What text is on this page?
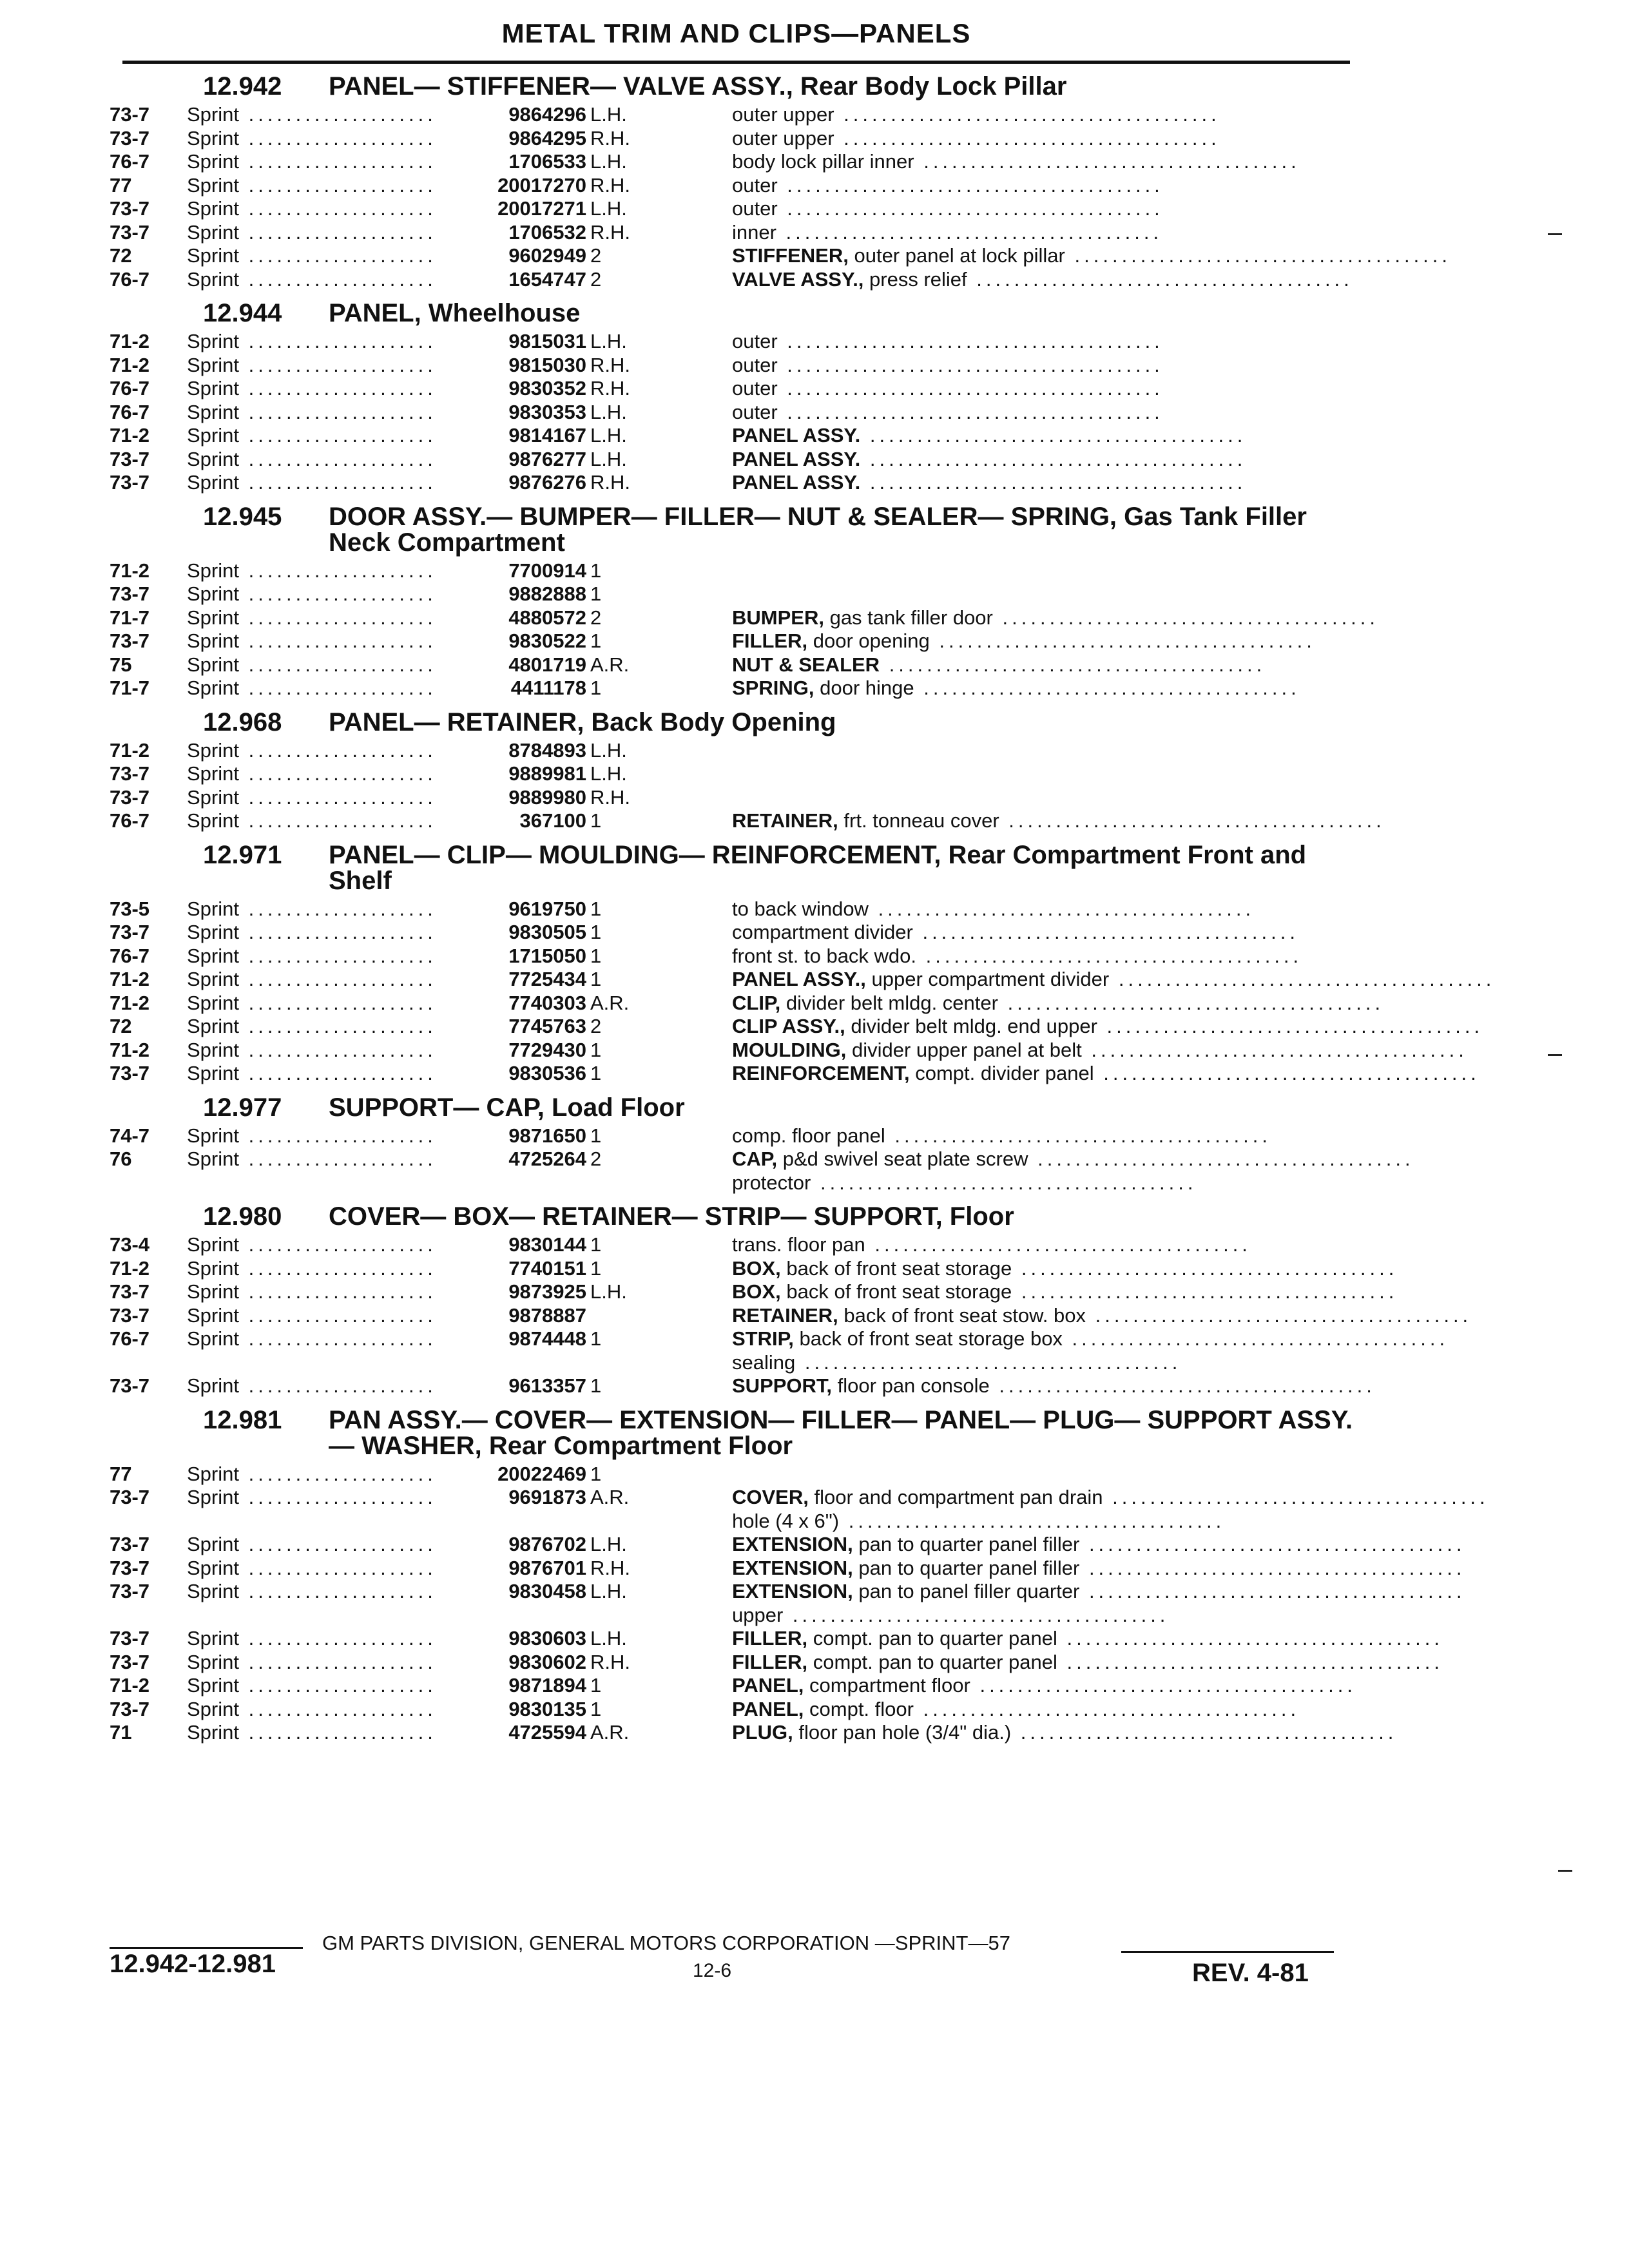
METAL TRIM AND CLIPS—PANELS
12.942	PANEL— STIFFENER— VALVE ASSY., Rear Body Lock Pillar
73-7	Sprint ....................	9864296 L.H.	outer upper ........................................
73-7	Sprint ....................	9864295 R.H.	outer upper ........................................
76-7	Sprint ....................	1706533 L.H.	body lock pillar inner ........................................
77	Sprint ....................	20017270 R.H.	outer ........................................
73-7	Sprint ....................	20017271 L.H.	outer ........................................
73-7	Sprint ....................	1706532 R.H.	inner ........................................
72	Sprint ....................	9602949 2	STIFFENER, outer panel at lock pillar ........................................
76-7	Sprint ....................	1654747 2	VALVE ASSY., press relief ........................................
12.944	PANEL, Wheelhouse
71-2	Sprint ....................	9815031 L.H.	outer ........................................
71-2	Sprint ....................	9815030 R.H.	outer ........................................
76-7	Sprint ....................	9830352 R.H.	outer ........................................
76-7	Sprint ....................	9830353 L.H.	outer ........................................
71-2	Sprint ....................	9814167 L.H.	PANEL ASSY. ........................................
73-7	Sprint ....................	9876277 L.H.	PANEL ASSY. ........................................
73-7	Sprint ....................	9876276 R.H.	PANEL ASSY. ........................................
12.945	DOOR ASSY.— BUMPER— FILLER— NUT & SEALER— SPRING, Gas Tank Filler Neck Compartment
71-2	Sprint ....................	7700914 1
73-7	Sprint ....................	9882888 1
71-7	Sprint ....................	4880572 2	BUMPER, gas tank filler door ........................................
73-7	Sprint ....................	9830522 1	FILLER, door opening ........................................
75	Sprint ....................	4801719 A.R.	NUT & SEALER ........................................
71-7	Sprint ....................	4411178 1	SPRING, door hinge ........................................
12.968	PANEL— RETAINER, Back Body Opening
71-2	Sprint ....................	8784893 L.H.
73-7	Sprint ....................	9889981 L.H.
73-7	Sprint ....................	9889980 R.H.
76-7	Sprint ....................	367100 1	RETAINER, frt. tonneau cover ........................................
12.971	PANEL— CLIP— MOULDING— REINFORCEMENT, Rear Compartment Front and Shelf
73-5	Sprint ....................	9619750 1	to back window ........................................
73-7	Sprint ....................	9830505 1	compartment divider ........................................
76-7	Sprint ....................	1715050 1	front st. to back wdo. ........................................
71-2	Sprint ....................	7725434 1	PANEL ASSY., upper compartment divider ........................................
71-2	Sprint ....................	7740303 A.R.	CLIP, divider belt mldg. center ........................................
72	Sprint ....................	7745763 2	CLIP ASSY., divider belt mldg. end upper ........................................
71-2	Sprint ....................	7729430 1	MOULDING, divider upper panel at belt ........................................
73-7	Sprint ....................	9830536 1	REINFORCEMENT, compt. divider panel ........................................
12.977	SUPPORT— CAP, Load Floor
74-7	Sprint ....................	9871650 1	comp. floor panel ........................................
76	Sprint ....................	4725264 2	CAP, p&d swivel seat plate screw ........................................
protector ........................................
12.980	COVER— BOX— RETAINER— STRIP— SUPPORT, Floor
73-4	Sprint ....................	9830144 1	trans. floor pan ........................................
71-2	Sprint ....................	7740151 1	BOX, back of front seat storage ........................................
73-7	Sprint ....................	9873925 L.H.	BOX, back of front seat storage ........................................
73-7	Sprint ....................	9878887	RETAINER, back of front seat stow. box ........................................
76-7	Sprint ....................	9874448 1	STRIP, back of front seat storage box ........................................
sealing ........................................
73-7	Sprint ....................	9613357 1	SUPPORT, floor pan console ........................................
12.981	PAN ASSY.— COVER— EXTENSION— FILLER— PANEL— PLUG— SUPPORT ASSY.— WASHER, Rear Compartment Floor
77	Sprint ....................	20022469 1
73-7	Sprint ....................	9691873 A.R.	COVER, floor and compartment pan drain ........................................
hole (4 x 6") ........................................
73-7	Sprint ....................	9876702 L.H.	EXTENSION, pan to quarter panel filler ........................................
73-7	Sprint ....................	9876701 R.H.	EXTENSION, pan to quarter panel filler ........................................
73-7	Sprint ....................	9830458 L.H.	EXTENSION, pan to panel filler quarter ........................................
upper ........................................
73-7	Sprint ....................	9830603 L.H.	FILLER, compt. pan to quarter panel ........................................
73-7	Sprint ....................	9830602 R.H.	FILLER, compt. pan to quarter panel ........................................
71-2	Sprint ....................	9871894 1	PANEL, compartment floor ........................................
73-7	Sprint ....................	9830135 1	PANEL, compt. floor ........................................
71	Sprint ....................	4725594 A.R.	PLUG, floor pan hole (3/4" dia.) ........................................
GM PARTS DIVISION, GENERAL MOTORS CORPORATION —SPRINT—57
12.942-12.981	12-6	REV. 4-81
